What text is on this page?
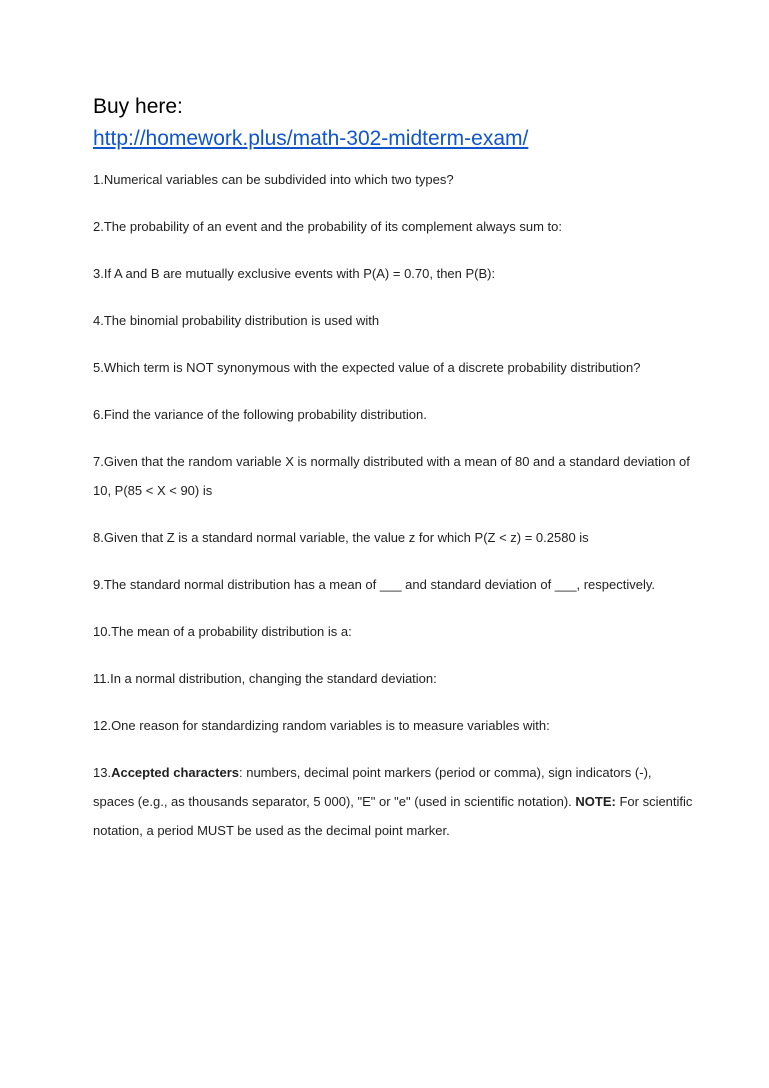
Buy here:

http://homework.plus/math-302-midterm-exam/

1.Numerical variables can be subdivided into which two types?

2.The probability of an event and the probability of its complement always sum to:

3.If A and B are mutually exclusive events with P(A) = 0.70, then P(B):

4.The binomial probability distribution is used with

5.Which term is NOT synonymous with the expected value of a discrete probability distribution?

6.Find the variance of the following probability distribution.

7.Given that the random variable X is normally distributed with a mean of 80 and a standard deviation of 10, P(85 < X < 90) is

8.Given that Z is a standard normal variable, the value z for which P(Z < z) = 0.2580 is

9.The standard normal distribution has a mean of ___ and standard deviation of ___, respectively.

10.The mean of a probability distribution is a:

11.In a normal distribution, changing the standard deviation:

12.One reason for standardizing random variables is to measure variables with:

13.Accepted characters: numbers, decimal point markers (period or comma), sign indicators (-), spaces (e.g., as thousands separator, 5 000), "E" or "e" (used in scientific notation). NOTE: For scientific notation, a period MUST be used as the decimal point marker.
